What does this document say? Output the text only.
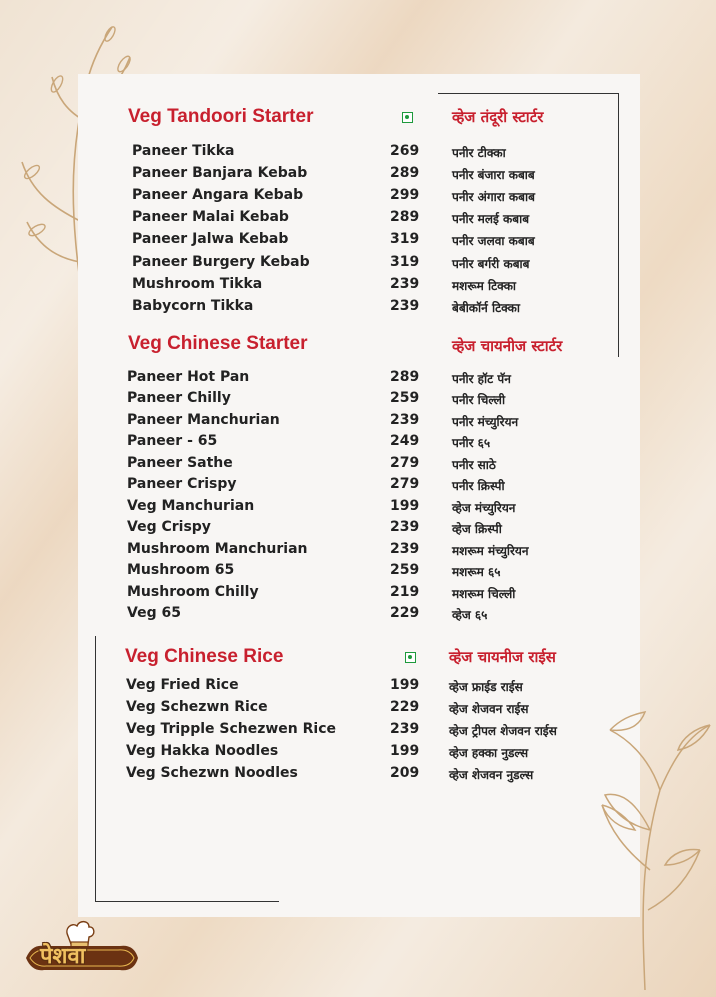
Veg Tandoori Starter	व्हेज तंदूरी स्टार्टर
Paneer Tikka	269	पनीर टीक्का
Paneer Banjara Kebab	289	पनीर बंजारा कबाब
Paneer Angara Kebab	299	पनीर अंगारा कबाब
Paneer Malai Kebab	289	पनीर मलई कबाब
Paneer Jalwa Kebab	319	पनीर जलवा कबाब
Paneer Burgery Kebab	319	पनीर बर्गरी कबाब
Mushroom Tikka	239	मशरूम टिक्का
Babycorn Tikka	239	बेबीकॉर्न टिक्का
Veg Chinese Starter	व्हेज चायनीज स्टार्टर
Paneer Hot Pan	289	पनीर हॉट पॅन
Paneer Chilly	259	पनीर चिल्ली
Paneer Manchurian	239	पनीर मंच्युरियन
Paneer - 65	249	पनीर ६५
Paneer Sathe	279	पनीर साठे
Paneer Crispy	279	पनीर क्रिस्पी
Veg Manchurian	199	व्हेज मंच्युरियन
Veg Crispy	239	व्हेज क्रिस्पी
Mushroom Manchurian	239	मशरूम मंच्युरियन
Mushroom 65	259	मशरूम ६५
Mushroom Chilly	219	मशरूम चिल्ली
Veg 65	229	व्हेज ६५
Veg Chinese Rice	व्हेज चायनीज राईस
Veg Fried Rice	199 व्हेज फ्राईड राईस
Veg Schezwn Rice	229 व्हेज शेजवन राईस
Veg Tripple Schezwen Rice	239 व्हेज ट्रीपल शेजवन राईस
Veg Hakka Noodles	199 व्हेज हक्का नुडल्स
Veg Schezwn Noodles	209 व्हेज शेजवन नुडल्स
पेशवा
